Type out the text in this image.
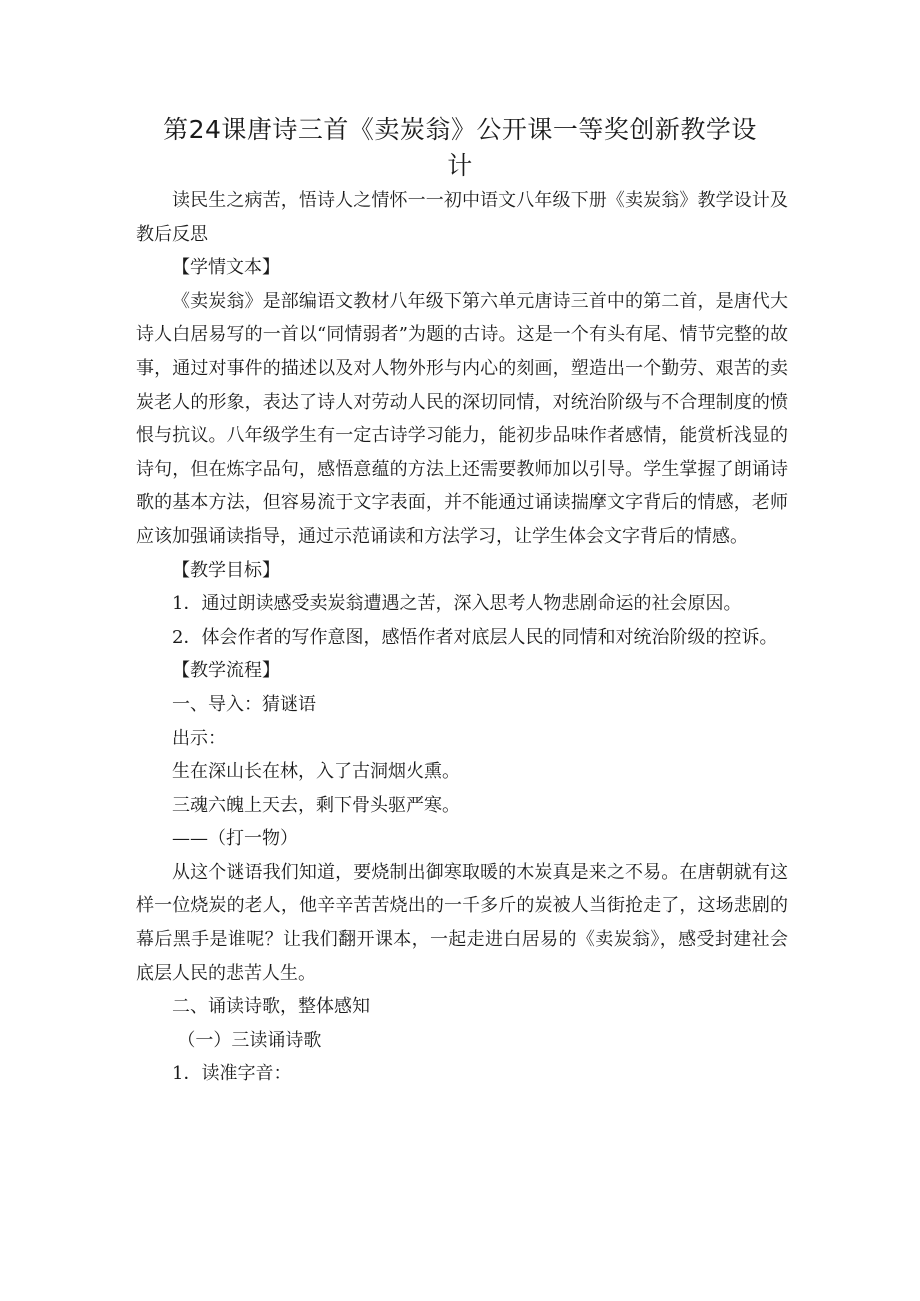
第24课唐诗三首《卖炭翁》公开课一等奖创新教学设
计

读民生之病苦，悟诗人之情怀一一初中语文八年级下册《卖炭翁》教学设计及教后反思

【学情文本】

《卖炭翁》是部编语文教材八年级下第六单元唐诗三首中的第二首，是唐代大诗人白居易写的一首以“同情弱者”为题的古诗。这是一个有头有尾、情节完整的故事，通过对事件的描述以及对人物外形与内心的刻画，塑造出一个勤劳、艰苦的卖炭老人的形象，表达了诗人对劳动人民的深切同情，对统治阶级与不合理制度的愤恨与抗议。八年级学生有一定古诗学习能力，能初步品味作者感情，能赏析浅显的诗句，但在炼字品句，感悟意蕴的方法上还需要教师加以引导。学生掌握了朗诵诗歌的基本方法，但容易流于文字表面，并不能通过诵读揣摩文字背后的情感，老师应该加强诵读指导，通过示范诵读和方法学习，让学生体会文字背后的情感。

【教学目标】

1．通过朗读感受卖炭翁遭遇之苦，深入思考人物悲剧命运的社会原因。

2．体会作者的写作意图，感悟作者对底层人民的同情和对统治阶级的控诉。

【教学流程】

一、导入：猜谜语

出示：

生在深山长在林，入了古洞烟火熏。

三魂六魄上天去，剩下骨头驱严寒。

——（打一物）

从这个谜语我们知道，要烧制出御寒取暖的木炭真是来之不易。在唐朝就有这样一位烧炭的老人，他辛辛苦苦烧出的一千多斤的炭被人当街抢走了，这场悲剧的幕后黑手是谁呢？让我们翻开课本，一起走进白居易的《卖炭翁》，感受封建社会底层人民的悲苦人生。

二、诵读诗歌，整体感知

（一）三读诵诗歌

1．读准字音：
